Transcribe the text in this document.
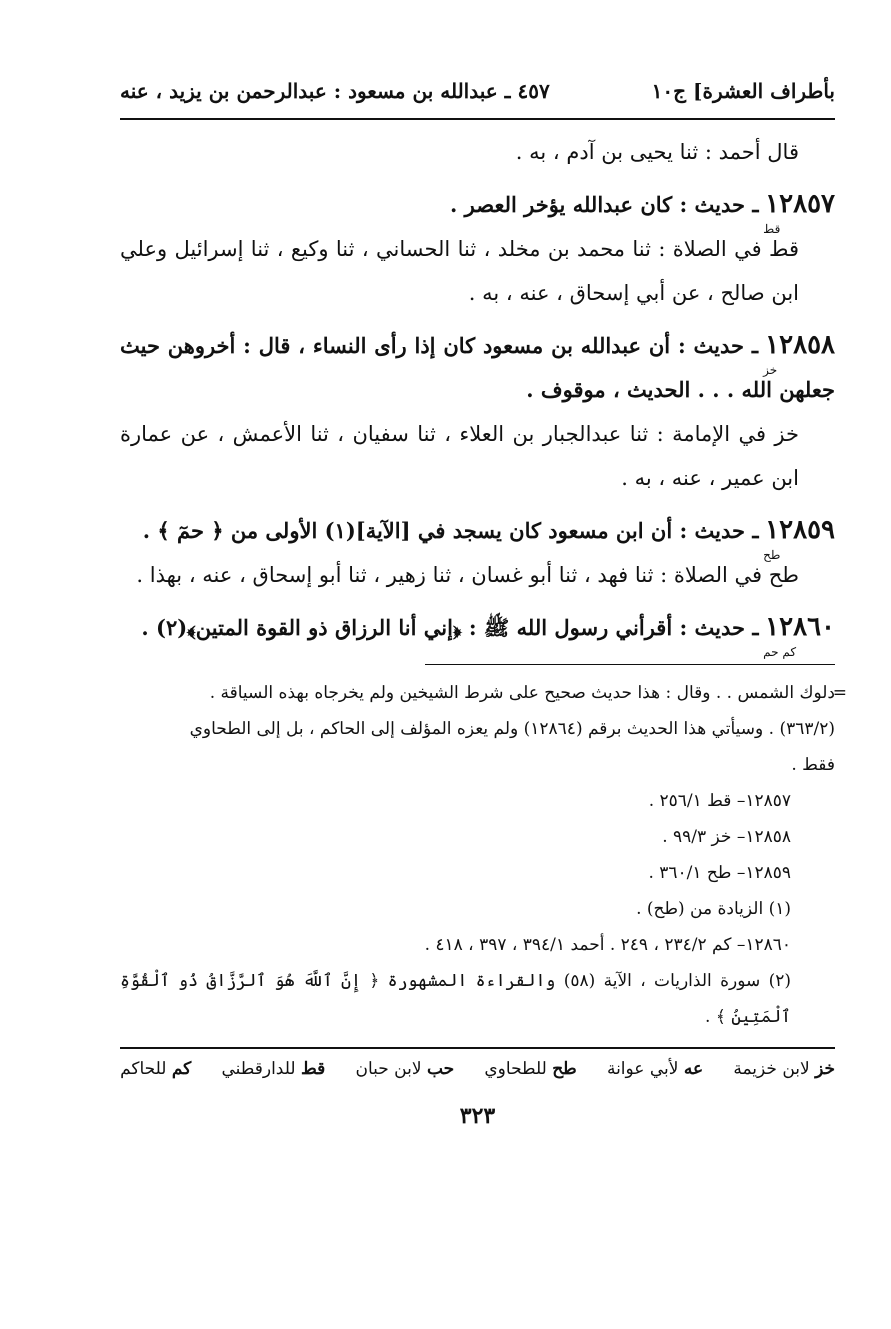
بأطراف العشرة] ج١٠
٤٥٧ ـ عبدالله بن مسعود : عبدالرحمن بن يزيد ، عنه

قال أحمد : ثنا يحيى بن آدم ، به .

١٢٨٥٧
قط
ـ حديث : كان عبدالله يؤخر العصر .

قط في الصلاة : ثنا محمد بن مخلد ، ثنا الحساني ، ثنا وكيع ، ثنا إسرائيل وعلي ابن صالح ، عن أبي إسحاق ، عنه ، به .

١٢٨٥٨
خز
ـ حديث : أن عبدالله بن مسعود كان إذا رأى النساء ، قال : أخروهن حيث جعلهن الله . . . الحديث ، موقوف .

خز في الإمامة : ثنا عبدالجبار بن العلاء ، ثنا سفيان ، ثنا الأعمش ، عن عمارة ابن عمير ، عنه ، به .

١٢٨٥٩
طح
ـ حديث : أن ابن مسعود كان يسجد في [الآية](١) الأولى من ﴿ حمٓ ﴾ .

طح في الصلاة : ثنا فهد ، ثنا أبو غسان ، ثنا زهير ، ثنا أبو إسحاق ، عنه ، بهذا .

١٢٨٦٠
كم حم
ـ حديث : أقرأني رسول الله ﷺ : ﴿إني أنا الرزاق ذو القوة المتين﴾(٢) .

=
دلوك الشمس . . وقال : هذا حديث صحيح على شرط الشيخين ولم يخرجاه بهذه السياقة .

(٣٦٣/٢) . وسيأتي هذا الحديث برقم (١٢٨٦٤) ولم يعزه المؤلف إلى الحاكم ، بل إلى الطحاوي

فقط .

١٢٨٥٧– قط ٢٥٦/١ .

١٢٨٥٨– خز ٩٩/٣ .

١٢٨٥٩– طح ٣٦٠/١ .

(١) الزيادة من (طح) .

١٢٨٦٠– كم ٢٣٤/٢ ، ٢٤٩ . أحمد ٣٩٤/١ ، ٣٩٧ ، ٤١٨ .

(٢) سورة الذاريات ، الآية (٥٨) والقراءة المشهورة ﴿ إِنَّ ٱللَّهَ هُوَ ٱلرَّزَّاقُ ذُو ٱلْقُوَّةِ ٱلْمَتِينُ ﴾ .

خز لابن خزيمة
عه لأبي عوانة
طح للطحاوي
حب لابن حبان
قط للدارقطني
كم للحاكم
٣٢٣
